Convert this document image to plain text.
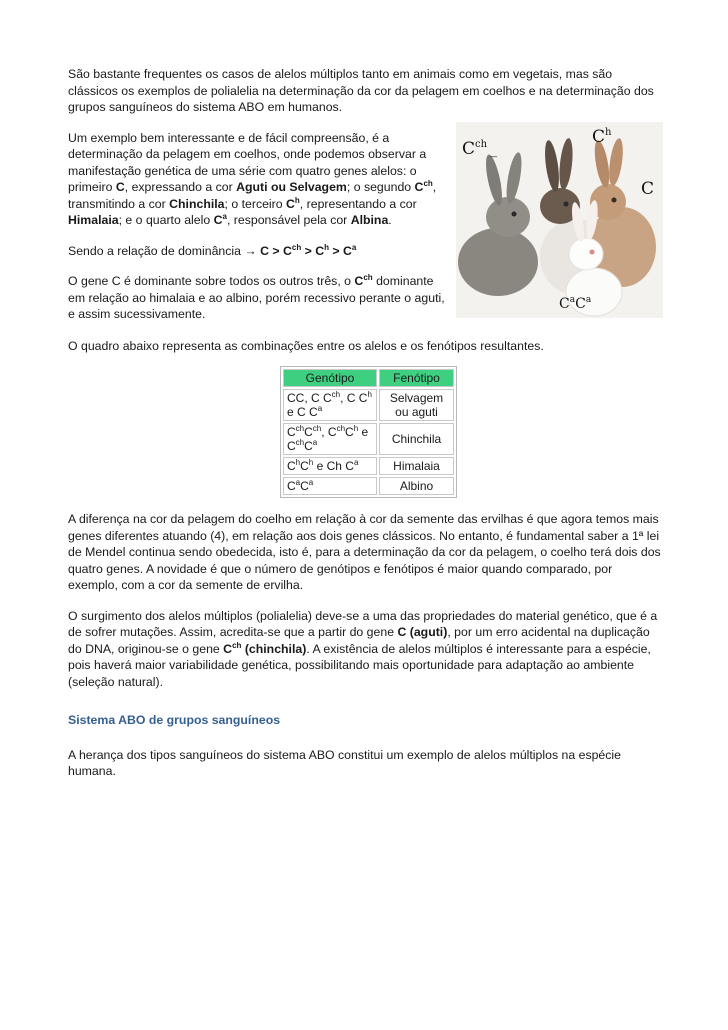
São bastante frequentes os casos de alelos múltiplos tanto em animais como em vegetais, mas são clássicos os exemplos de polialelia na determinação da cor da pelagem em coelhos e na determinação dos grupos sanguíneos do sistema ABO em humanos.

Um exemplo bem interessante e de fácil compreensão, é a determinação da pelagem em coelhos, onde podemos observar a manifestação genética de uma série com quatro genes alelos: o primeiro C, expressando a cor Aguti ou Selvagem; o segundo $C^{ch}$, transmitindo a cor Chinchila; o terceiro $C^h$, representando a cor Himalaia; e o quarto alelo $C^a$, responsável pela cor Albina.

Sendo a relação de dominância → $C > C^{ch} > C^h > C^a$

O gene C é dominante sobre todos os outros três, o $C^{ch}$ dominante em relação ao himalaia e ao albino, porém recessivo perante o aguti, e assim sucessivamente.

$C^{ch}$ $_{\_}$
$C^h$
C
$C^aC^a$

O quadro abaixo representa as combinações entre os alelos e os fenótipos resultantes.

Genótipo	Fenótipo
CC, C $C^{ch}$, C $C^h$ e C $C^a$	Selvagem ou aguti
$C^{ch}C^{ch}$, $C^{ch}C^h$ e $C^{ch}C^a$	Chinchila
$C^hC^h$ e Ch $C^a$	Himalaia
$C^aC^a$	Albino

A diferença na cor da pelagem do coelho em relação à cor da semente das ervilhas é que agora temos mais genes diferentes atuando (4), em relação aos dois genes clássicos. No entanto, é fundamental saber a 1ª lei de Mendel continua sendo obedecida, isto é, para a determinação da cor da pelagem, o coelho terá dois dos quatro genes. A novidade é que o número de genótipos e fenótipos é maior quando comparado, por exemplo, com a cor da semente de ervilha.

O surgimento dos alelos múltiplos (polialelia) deve-se a uma das propriedades do material genético, que é a de sofrer mutações. Assim, acredita-se que a partir do gene C (aguti), por um erro acidental na duplicação do DNA, originou-se o gene $C^{ch}$ (chinchila). A existência de alelos múltiplos é interessante para a espécie, pois haverá maior variabilidade genética, possibilitando mais oportunidade para adaptação ao ambiente (seleção natural).

Sistema ABO de grupos sanguíneos

A herança dos tipos sanguíneos do sistema ABO constitui um exemplo de alelos múltiplos na espécie humana.
